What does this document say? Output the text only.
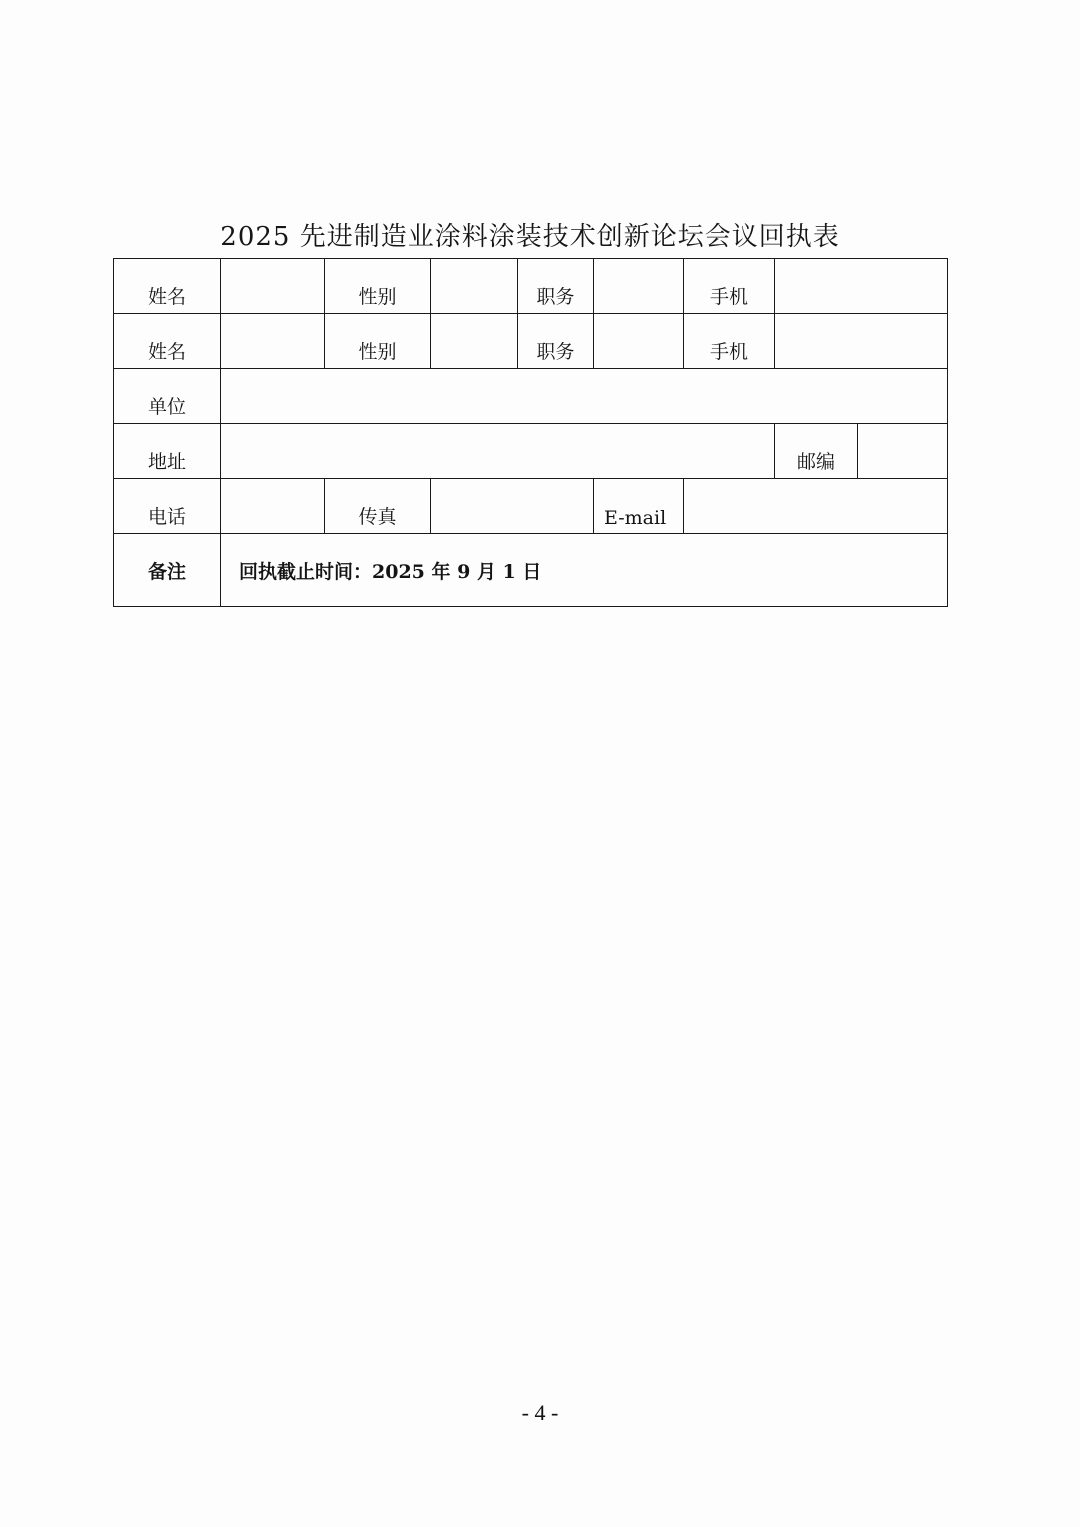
2025 先进制造业涂料涂装技术创新论坛会议回执表
姓名		性别		职务		手机		
姓名		性别		职务		手机		
单位								
地址							邮编	
电话		传真			E-mail			
备注	回执截止时间：2025 年 9 月 1 日							
- 4 -
